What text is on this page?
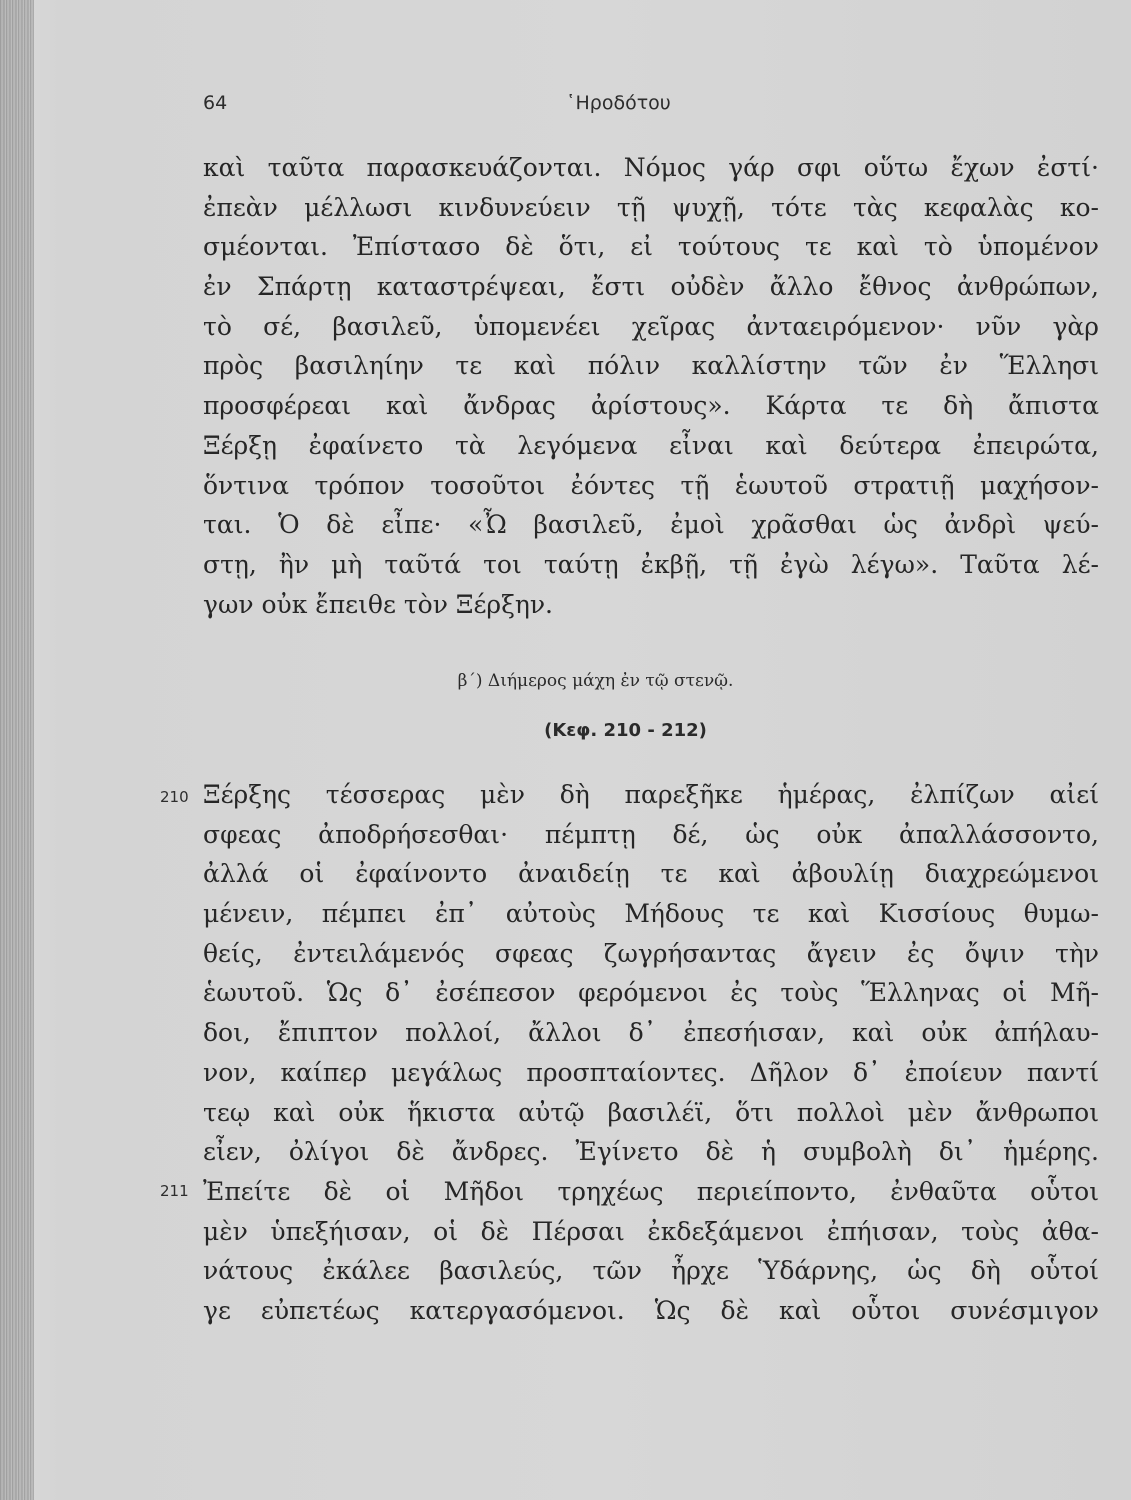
64	῾Ηροδότου
καὶ ταῦτα παρασκευάζονται. Νόμος γάρ σφι οὕτω ἔχων ἐστί·
ἐπεὰν μέλλωσι κινδυνεύειν τῇ ψυχῇ, τότε τὰς κεφαλὰς κο-
σμέονται. Ἐπίστασο δὲ ὅτι, εἰ τούτους τε καὶ τὸ ὑπομένον
ἐν Σπάρτῃ καταστρέψεαι, ἔστι οὐδὲν ἄλλο ἔθνος ἀνθρώπων,
τὸ σέ, βασιλεῦ, ὑπομενέει χεῖρας ἀνταειρόμενον· νῦν γὰρ
πρὸς βασιληίην τε καὶ πόλιν καλλίστην τῶν ἐν Ἕλλησι
προσφέρεαι καὶ ἄνδρας ἀρίστους». Κάρτα τε δὴ ἄπιστα
Ξέρξῃ ἐφαίνετο τὰ λεγόμενα εἶναι καὶ δεύτερα ἐπειρώτα,
ὅντινα τρόπον τοσοῦτοι ἐόντες τῇ ἑωυτοῦ στρατιῇ μαχήσον-
ται. Ὁ δὲ εἶπε· «Ὦ βασιλεῦ, ἐμοὶ χρᾶσθαι ὡς ἀνδρὶ ψεύ-
στῃ, ἢν μὴ ταῦτά τοι ταύτῃ ἐκβῇ, τῇ ἐγὼ λέγω». Ταῦτα λέ-
γων οὐκ ἔπειθε τὸν Ξέρξην.
β΄) Διήμερος μάχη ἐν τῷ στενῷ.
(Κεφ. 210 - 212)
210
211
Ξέρξης τέσσερας μὲν δὴ παρεξῆκε ἡμέρας, ἐλπίζων αἰεί
σφεας ἀποδρήσεσθαι· πέμπτῃ δέ, ὡς οὐκ ἀπαλλάσσοντο,
ἀλλά οἱ ἐφαίνοντο ἀναιδείῃ τε καὶ ἀβουλίῃ διαχρεώμενοι
μένειν, πέμπει ἐπ᾽ αὐτοὺς Μήδους τε καὶ Κισσίους θυμω-
θείς, ἐντειλάμενός σφεας ζωγρήσαντας ἄγειν ἐς ὄψιν τὴν
ἑωυτοῦ. Ὡς δ᾽ ἐσέπεσον φερόμενοι ἐς τοὺς Ἕλληνας οἱ Μῆ-
δοι, ἔπιπτον πολλοί, ἄλλοι δ᾽ ἐπεσήισαν, καὶ οὐκ ἀπήλαυ-
νον, καίπερ μεγάλως προσπταίοντες. Δῆλον δ᾽ ἐποίευν παντί
τεῳ καὶ οὐκ ἥκιστα αὐτῷ βασιλέϊ, ὅτι πολλοὶ μὲν ἄνθρωποι
εἶεν, ὀλίγοι δὲ ἄνδρες. Ἐγίνετο δὲ ἡ συμβολὴ δι᾽ ἡμέρης.
Ἐπείτε δὲ οἱ Μῆδοι τρηχέως περιείποντο, ἐνθαῦτα οὗτοι
μὲν ὑπεξήισαν, οἱ δὲ Πέρσαι ἐκδεξάμενοι ἐπήισαν, τοὺς ἀθα-
νάτους ἐκάλεε βασιλεύς, τῶν ἦρχε Ὑδάρνης, ὡς δὴ οὗτοί
γε εὐπετέως κατεργασόμενοι. Ὡς δὲ καὶ οὗτοι συνέσμιγον
